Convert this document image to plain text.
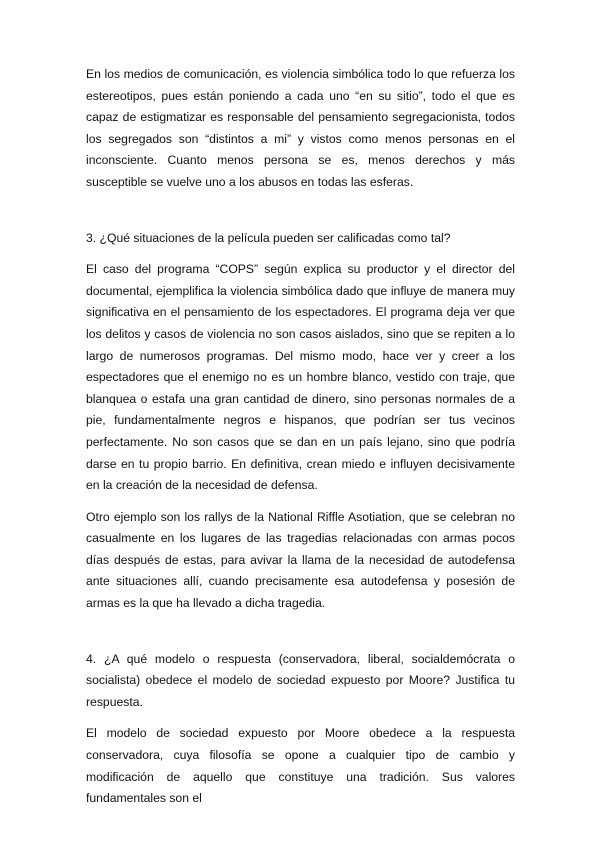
En los medios de comunicación, es violencia simbólica todo lo que refuerza los estereotipos, pues están poniendo a cada uno “en su sitio”, todo el que es capaz de estigmatizar es responsable del pensamiento segregacionista, todos los segregados son “distintos a mi” y vistos como menos personas en el inconsciente. Cuanto menos persona se es, menos derechos y más susceptible se vuelve uno a los abusos en todas las esferas.

3. ¿Qué situaciones de la película pueden ser calificadas como tal?

El caso del programa “COPS” según explica su productor y el director del documental, ejemplifica la violencia simbólica dado que influye de manera muy significativa en el pensamiento de los espectadores. El programa deja ver que los delitos y casos de violencia no son casos aislados, sino que se repiten a lo largo de numerosos programas. Del mismo modo, hace ver y creer a los espectadores que el enemigo no es un hombre blanco, vestido con traje, que blanquea o estafa una gran cantidad de dinero, sino personas normales de a pie, fundamentalmente negros e hispanos, que podrían ser tus vecinos perfectamente. No son casos que se dan en un país lejano, sino que podría darse en tu propio barrio. En definitiva, crean miedo e influyen decisivamente en la creación de la necesidad de defensa.

Otro ejemplo son los rallys de la National Riffle Asotiation, que se celebran no casualmente en los lugares de las tragedias relacionadas con armas pocos días después de estas, para avivar la llama de la necesidad de autodefensa ante situaciones allí, cuando precisamente esa autodefensa y posesión de armas es la que ha llevado a dicha tragedia.

4. ¿A qué modelo o respuesta (conservadora, liberal, socialdemócrata o socialista) obedece el modelo de sociedad expuesto por Moore? Justifica tu respuesta.

El modelo de sociedad expuesto por Moore obedece a la respuesta conservadora, cuya filosofía se opone a cualquier tipo de cambio y modificación de aquello que constituye una tradición. Sus valores fundamentales son el
